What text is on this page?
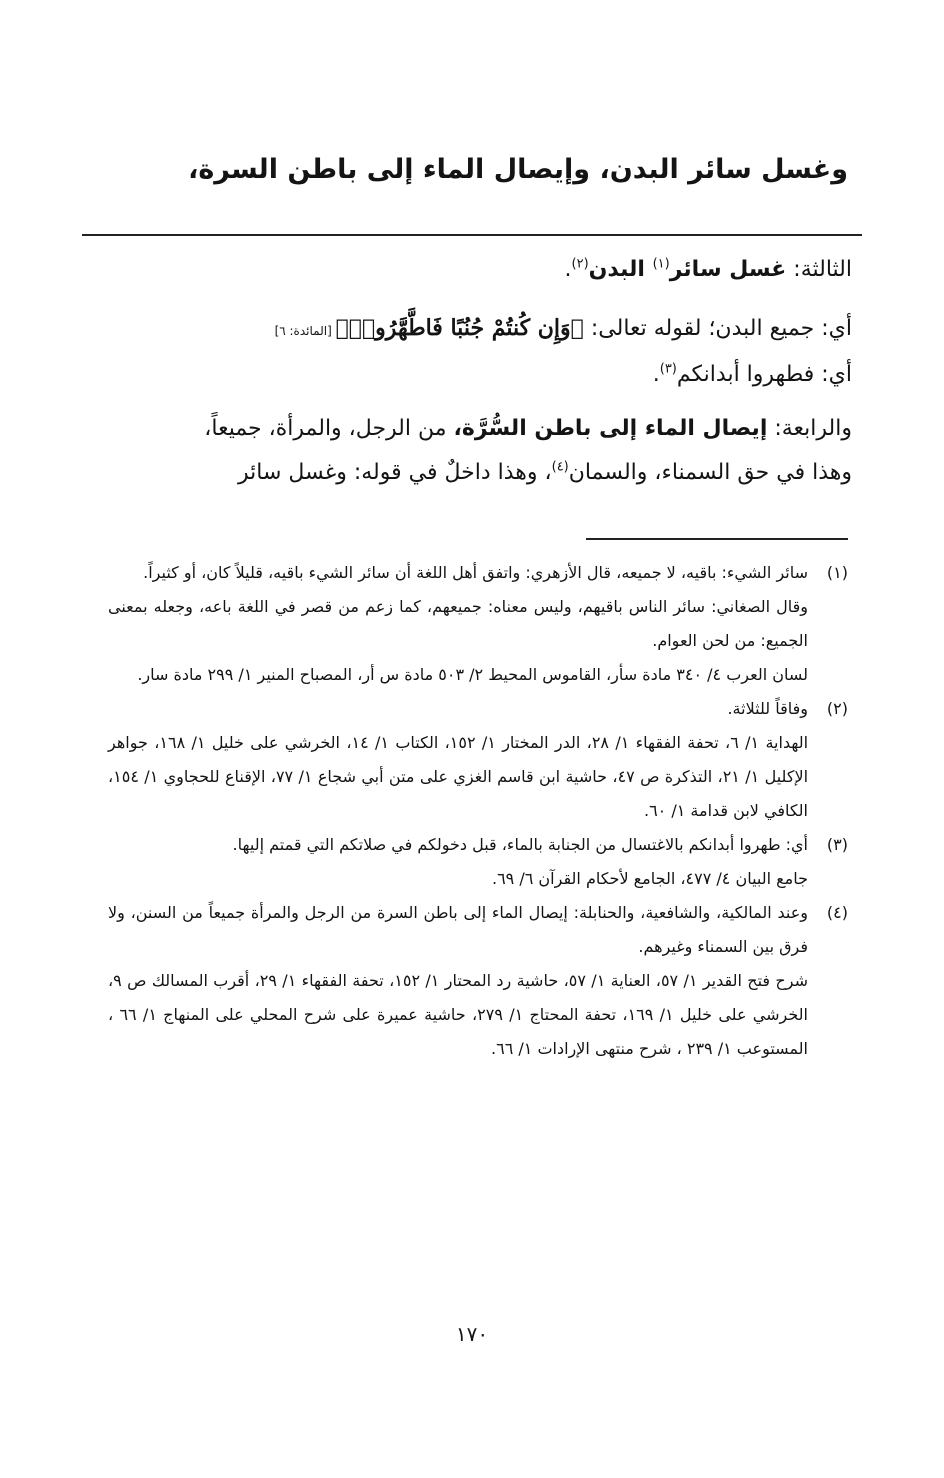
وغسل سائر البدن، وإيصال الماء إلى باطن السرة،

الثالثة: غسل سائر$^{(١)}$ البدن$^{(٢)}$.

أي: جميع البدن؛ لقوله تعالى: ﴿وَإِن كُنتُمْ جُنُبًا فَاطَّهَّرُوا۟﴾ [المائدة: ٦]
أي: فطهروا أبدانكم$^{(٣)}$.

والرابعة: إيصال الماء إلى باطن السُّرَّة، من الرجل، والمرأة، جميعاً،
وهذا في حق السمناء، والسمان$^{(٤)}$، وهذا داخلٌ في قوله: وغسل سائر

(١)
سائر الشيء: باقيه، لا جميعه، قال الأزهري: واتفق أهل اللغة أن سائر الشيء باقيه، قليلاً كان، أو كثيراً.
وقال الصغاني: سائر الناس باقيهم، وليس معناه: جميعهم، كما زعم من قصر في اللغة باعه، وجعله بمعنى الجميع: من لحن العوام.
لسان العرب ٤/ ٣٤٠ مادة سأر، القاموس المحيط ٢/ ٥٠٣ مادة س أر، المصباح المنير ١/ ٢٩٩ مادة سار.
(٢)
وفاقاً للثلاثة.
الهداية ١/ ٦، تحفة الفقهاء ١/ ٢٨، الدر المختار ١/ ١٥٢، الكتاب ١/ ١٤، الخرشي على خليل ١/ ١٦٨، جواهر الإكليل ١/ ٢١، التذكرة ص ٤٧، حاشية ابن قاسم الغزي على متن أبي شجاع ١/ ٧٧، الإقناع للحجاوي ١/ ١٥٤، الكافي لابن قدامة ١/ ٦٠.
(٣)
أي: طهروا أبدانكم بالاغتسال من الجنابة بالماء، قبل دخولكم في صلاتكم التي قمتم إليها.
جامع البيان ٤/ ٤٧٧، الجامع لأحكام القرآن ٦/ ٦٩.
(٤)
وعند المالكية، والشافعية، والحنابلة: إيصال الماء إلى باطن السرة من الرجل والمرأة جميعاً من السنن، ولا فرق بين السمناء وغيرهم.
شرح فتح القدير ١/ ٥٧، العناية ١/ ٥٧، حاشية رد المحتار ١/ ١٥٢، تحفة الفقهاء ١/ ٢٩، أقرب المسالك ص ٩، الخرشي على خليل ١/ ١٦٩، تحفة المحتاج ١/ ٢٧٩، حاشية عميرة على شرح المحلي على المنهاج ١/ ٦٦ ، المستوعب ١/ ٢٣٩ ، شرح منتهى الإرادات ١/ ٦٦.
١٧٠
